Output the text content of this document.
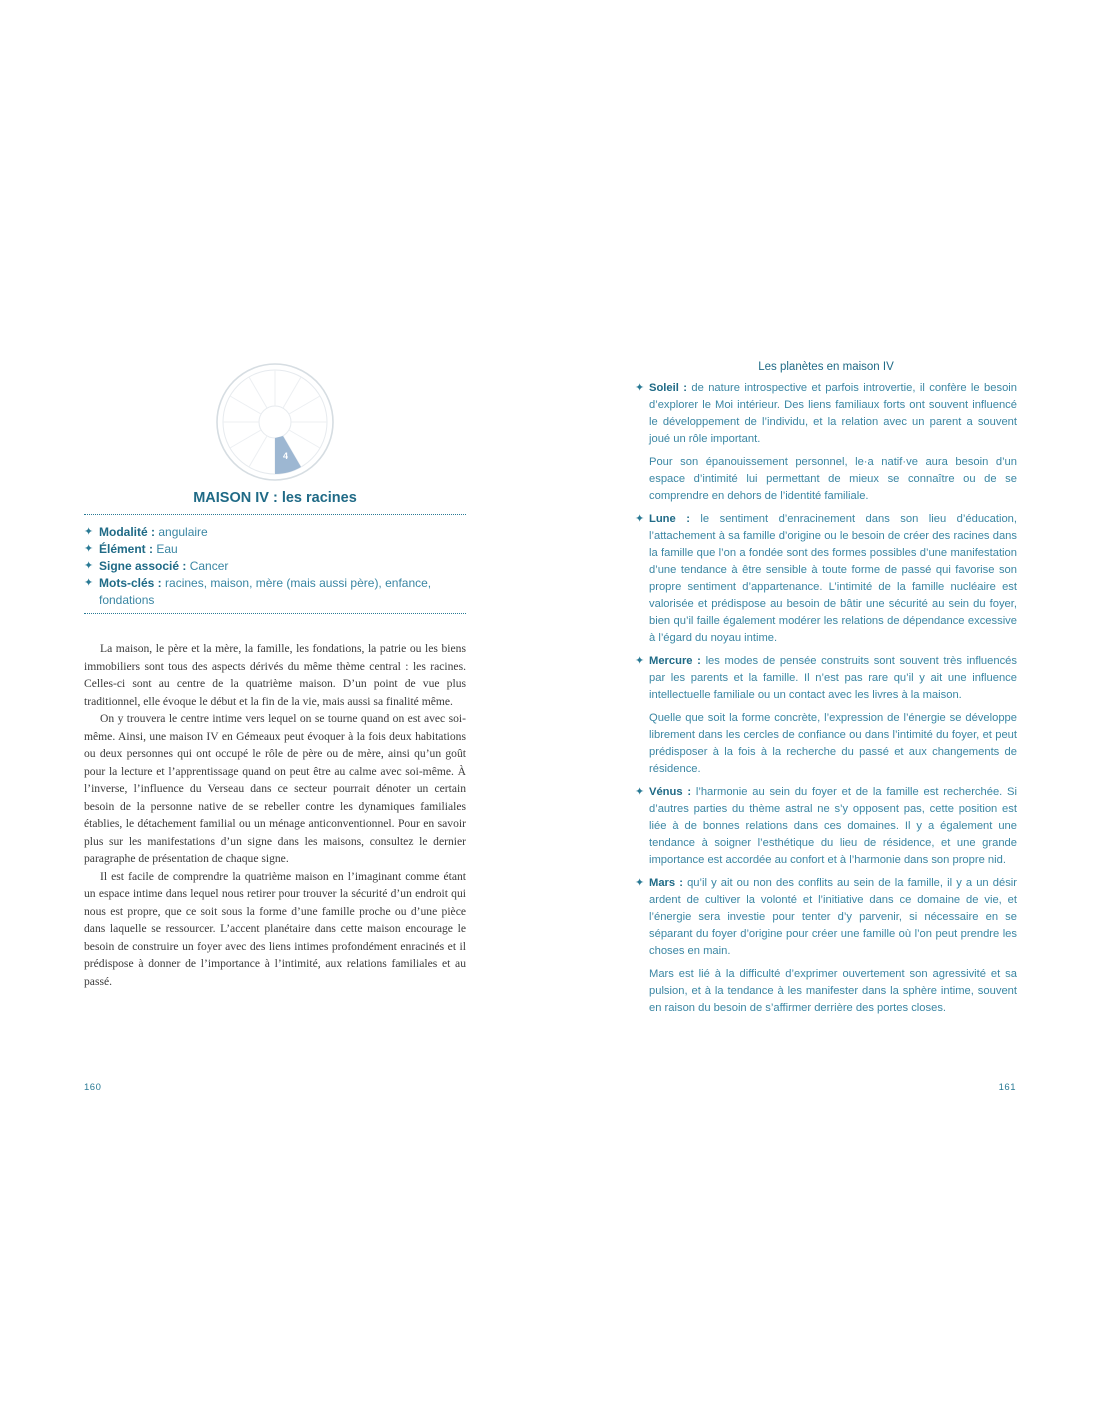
4
MAISON IV : les racines
✦ Modalité : angulaire
✦ Élément : Eau
✦ Signe associé : Cancer
✦ Mots-clés : racines, maison, mère (mais aussi père), enfance, fondations

La maison, le père et la mère, la famille, les fondations, la patrie ou les biens immobiliers sont tous des aspects dérivés du même thème central : les racines. Celles-ci sont au centre de la quatrième maison. D’un point de vue plus traditionnel, elle évoque le début et la fin de la vie, mais aussi sa finalité même.

On y trouvera le centre intime vers lequel on se tourne quand on est avec soi-même. Ainsi, une maison IV en Gémeaux peut évoquer à la fois deux habitations ou deux personnes qui ont occupé le rôle de père ou de mère, ainsi qu’un goût pour la lecture et l’apprentissage quand on peut être au calme avec soi-même. À l’inverse, l’influence du Verseau dans ce secteur pourrait dénoter un certain besoin de la personne native de se rebeller contre les dynamiques familiales établies, le détachement familial ou un ménage anticonventionnel. Pour en savoir plus sur les manifestations d’un signe dans les maisons, consultez le dernier paragraphe de présentation de chaque signe.

Il est facile de comprendre la quatrième maison en l’imaginant comme étant un espace intime dans lequel nous retirer pour trouver la sécurité d’un endroit qui nous est propre, que ce soit sous la forme d’une famille proche ou d’une pièce dans laquelle se ressourcer. L’accent planétaire dans cette maison encourage le besoin de construire un foyer avec des liens intimes profondément enracinés et il prédispose à donner de l’importance à l’intimité, aux relations familiales et au passé.

160
Les planètes en maison IV
✦ Soleil : de nature introspective et parfois introvertie, il confère le besoin d’explorer le Moi intérieur. Des liens familiaux forts ont souvent influencé le développement de l’individu, et la relation avec un parent a souvent joué un rôle important.

Pour son épanouissement personnel, le·a natif·ve aura besoin d’un espace d’intimité lui permettant de mieux se connaître ou de se comprendre en dehors de l’identité familiale.

✦ Lune : le sentiment d’enracinement dans son lieu d’éducation, l’attachement à sa famille d’origine ou le besoin de créer des racines dans la famille que l’on a fondée sont des formes possibles d’une manifestation d’une tendance à être sensible à toute forme de passé qui favorise son propre sentiment d’appartenance. L’intimité de la famille nucléaire est valorisée et prédispose au besoin de bâtir une sécurité au sein du foyer, bien qu’il faille également modérer les relations de dépendance excessive à l’égard du noyau intime.

✦ Mercure : les modes de pensée construits sont souvent très influencés par les parents et la famille. Il n’est pas rare qu’il y ait une influence intellectuelle familiale ou un contact avec les livres à la maison.

Quelle que soit la forme concrète, l’expression de l’énergie se développe librement dans les cercles de confiance ou dans l’intimité du foyer, et peut prédisposer à la fois à la recherche du passé et aux changements de résidence.

✦ Vénus : l’harmonie au sein du foyer et de la famille est recherchée. Si d’autres parties du thème astral ne s’y opposent pas, cette position est liée à de bonnes relations dans ces domaines. Il y a également une tendance à soigner l’esthétique du lieu de résidence, et une grande importance est accordée au confort et à l’harmonie dans son propre nid.

✦ Mars : qu’il y ait ou non des conflits au sein de la famille, il y a un désir ardent de cultiver la volonté et l’initiative dans ce domaine de vie, et l’énergie sera investie pour tenter d’y parvenir, si nécessaire en se séparant du foyer d’origine pour créer une famille où l’on peut prendre les choses en main.

Mars est lié à la difficulté d’exprimer ouvertement son agressivité et sa pulsion, et à la tendance à les manifester dans la sphère intime, souvent en raison du besoin de s’affirmer derrière des portes closes.

161
